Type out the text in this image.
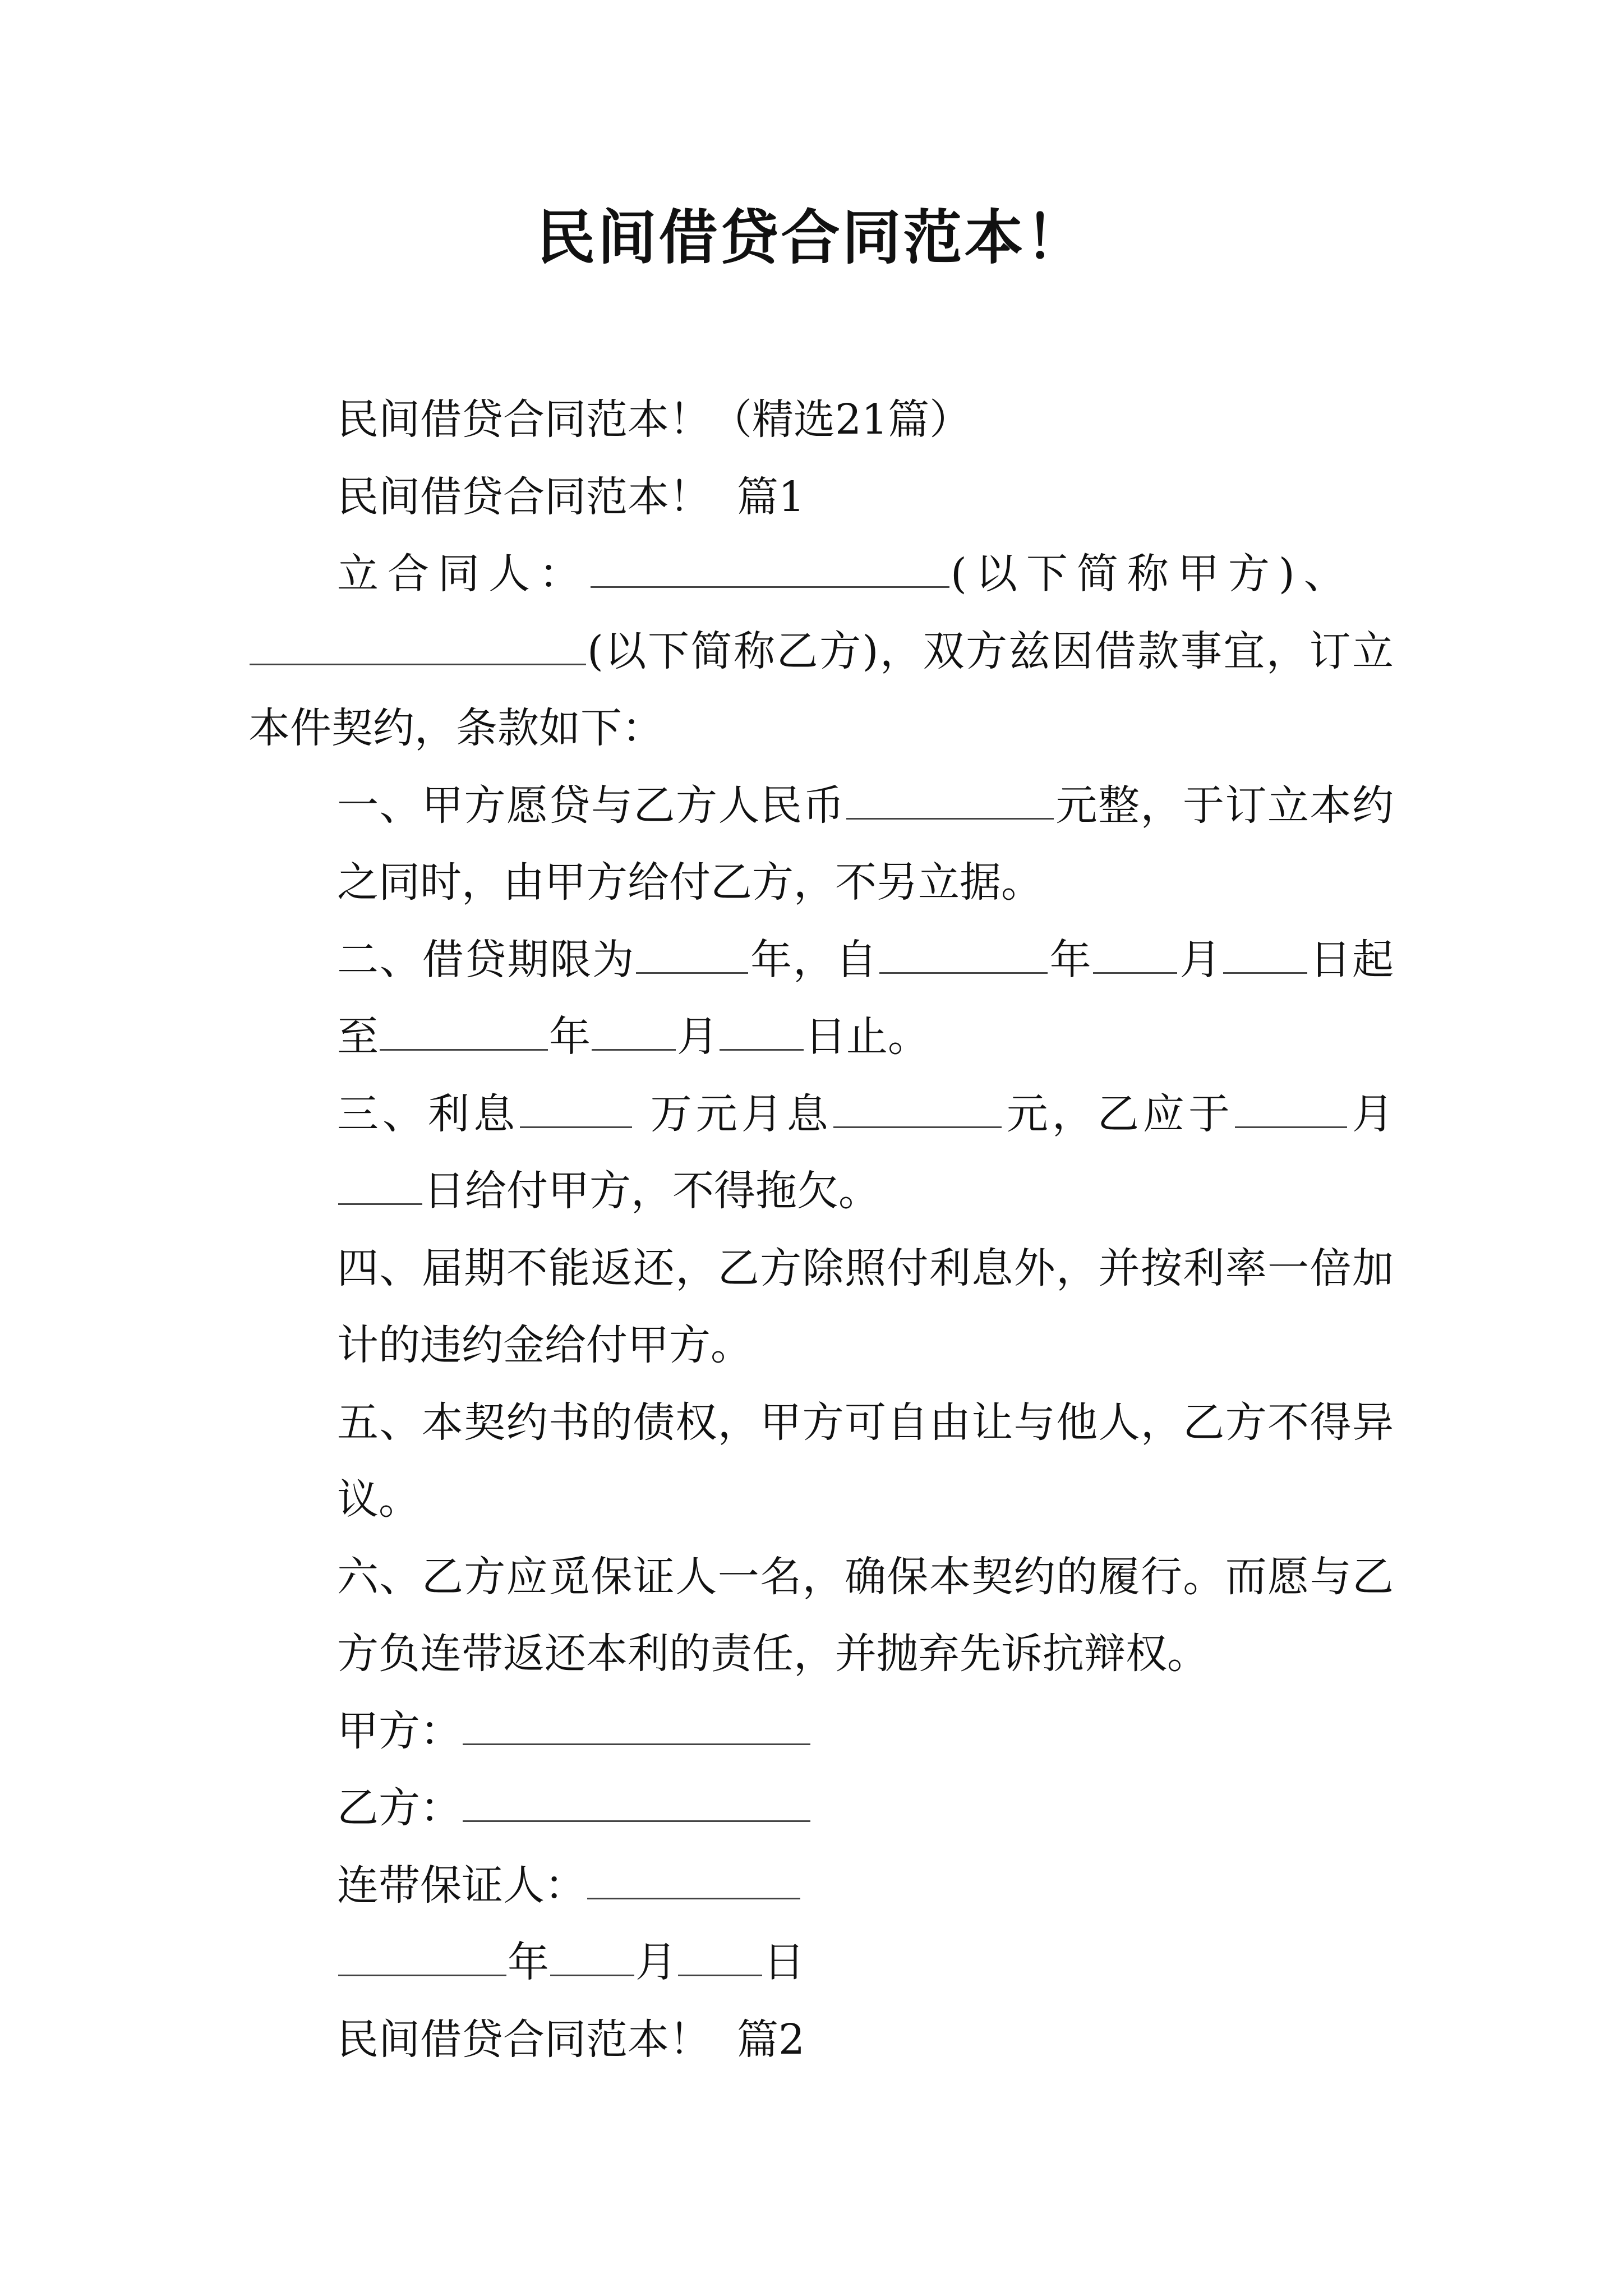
民间借贷合同范本！

民间借贷合同范本！（精选21篇）

民间借贷合同范本！  篇1

立合同人：	(以下简称甲方)、

(以下简称乙方)，双方兹因借款事宜，订立本件契约，条款如下：

一、甲方愿贷与乙方人民币	元整，于订立本约之同时，由甲方给付乙方，不另立据。

二、借贷期限为	年，自	年 月 日起至	年 月 日止。

三、利息	万元月息	元，乙应于	月日给付甲方，不得拖欠。

四、届期不能返还，乙方除照付利息外，并按利率一倍加计的违约金给付甲方。

五、本契约书的债权，甲方可自由让与他人，乙方不得异议。

六、乙方应觅保证人一名，确保本契约的履行。而愿与乙方负连带返还本利的责任，并抛弃先诉抗辩权。

甲方：

乙方：

连带保证人：

年 月 日

民间借贷合同范本！  篇2
